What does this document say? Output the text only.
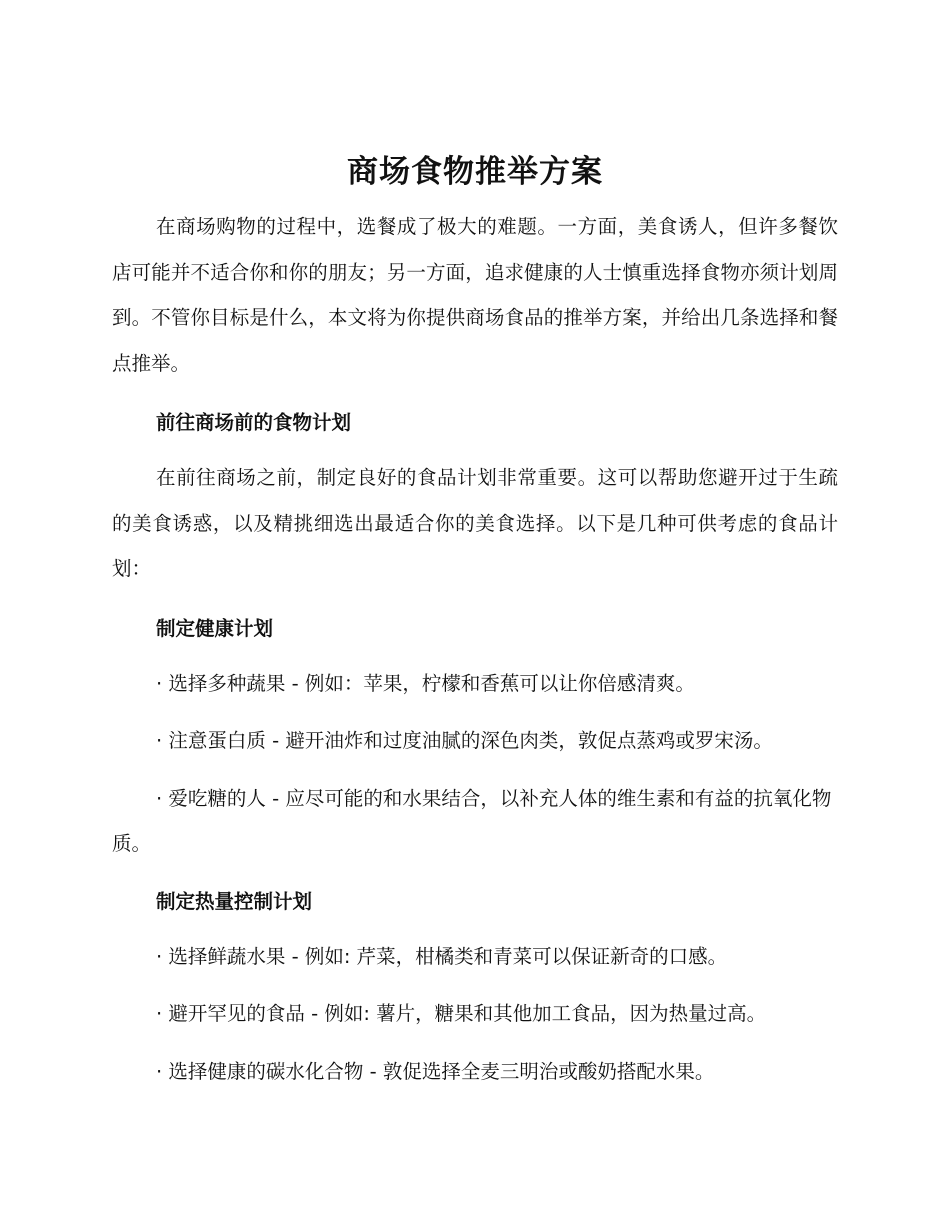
商场食物推举方案

在商场购物的过程中，选餐成了极大的难题。一方面，美食诱人，但许多餐饮店可能并不适合你和你的朋友；另一方面，追求健康的人士慎重选择食物亦须计划周到。不管你目标是什么，本文将为你提供商场食品的推举方案，并给出几条选择和餐点推举。

前往商场前的食物计划

在前往商场之前，制定良好的食品计划非常重要。这可以帮助您避开过于生疏的美食诱惑，以及精挑细选出最适合你的美食选择。以下是几种可供考虑的食品计划：

制定健康计划

· 选择多种蔬果 - 例如：苹果，柠檬和香蕉可以让你倍感清爽。

· 注意蛋白质 - 避开油炸和过度油腻的深色肉类，敦促点蒸鸡或罗宋汤。

· 爱吃糖的人 - 应尽可能的和水果结合，以补充人体的维生素和有益的抗氧化物质。

制定热量控制计划

· 选择鲜蔬水果 - 例如: 芹菜，柑橘类和青菜可以保证新奇的口感。

· 避开罕见的食品 - 例如: 薯片，糖果和其他加工食品，因为热量过高。

· 选择健康的碳水化合物 - 敦促选择全麦三明治或酸奶搭配水果。
